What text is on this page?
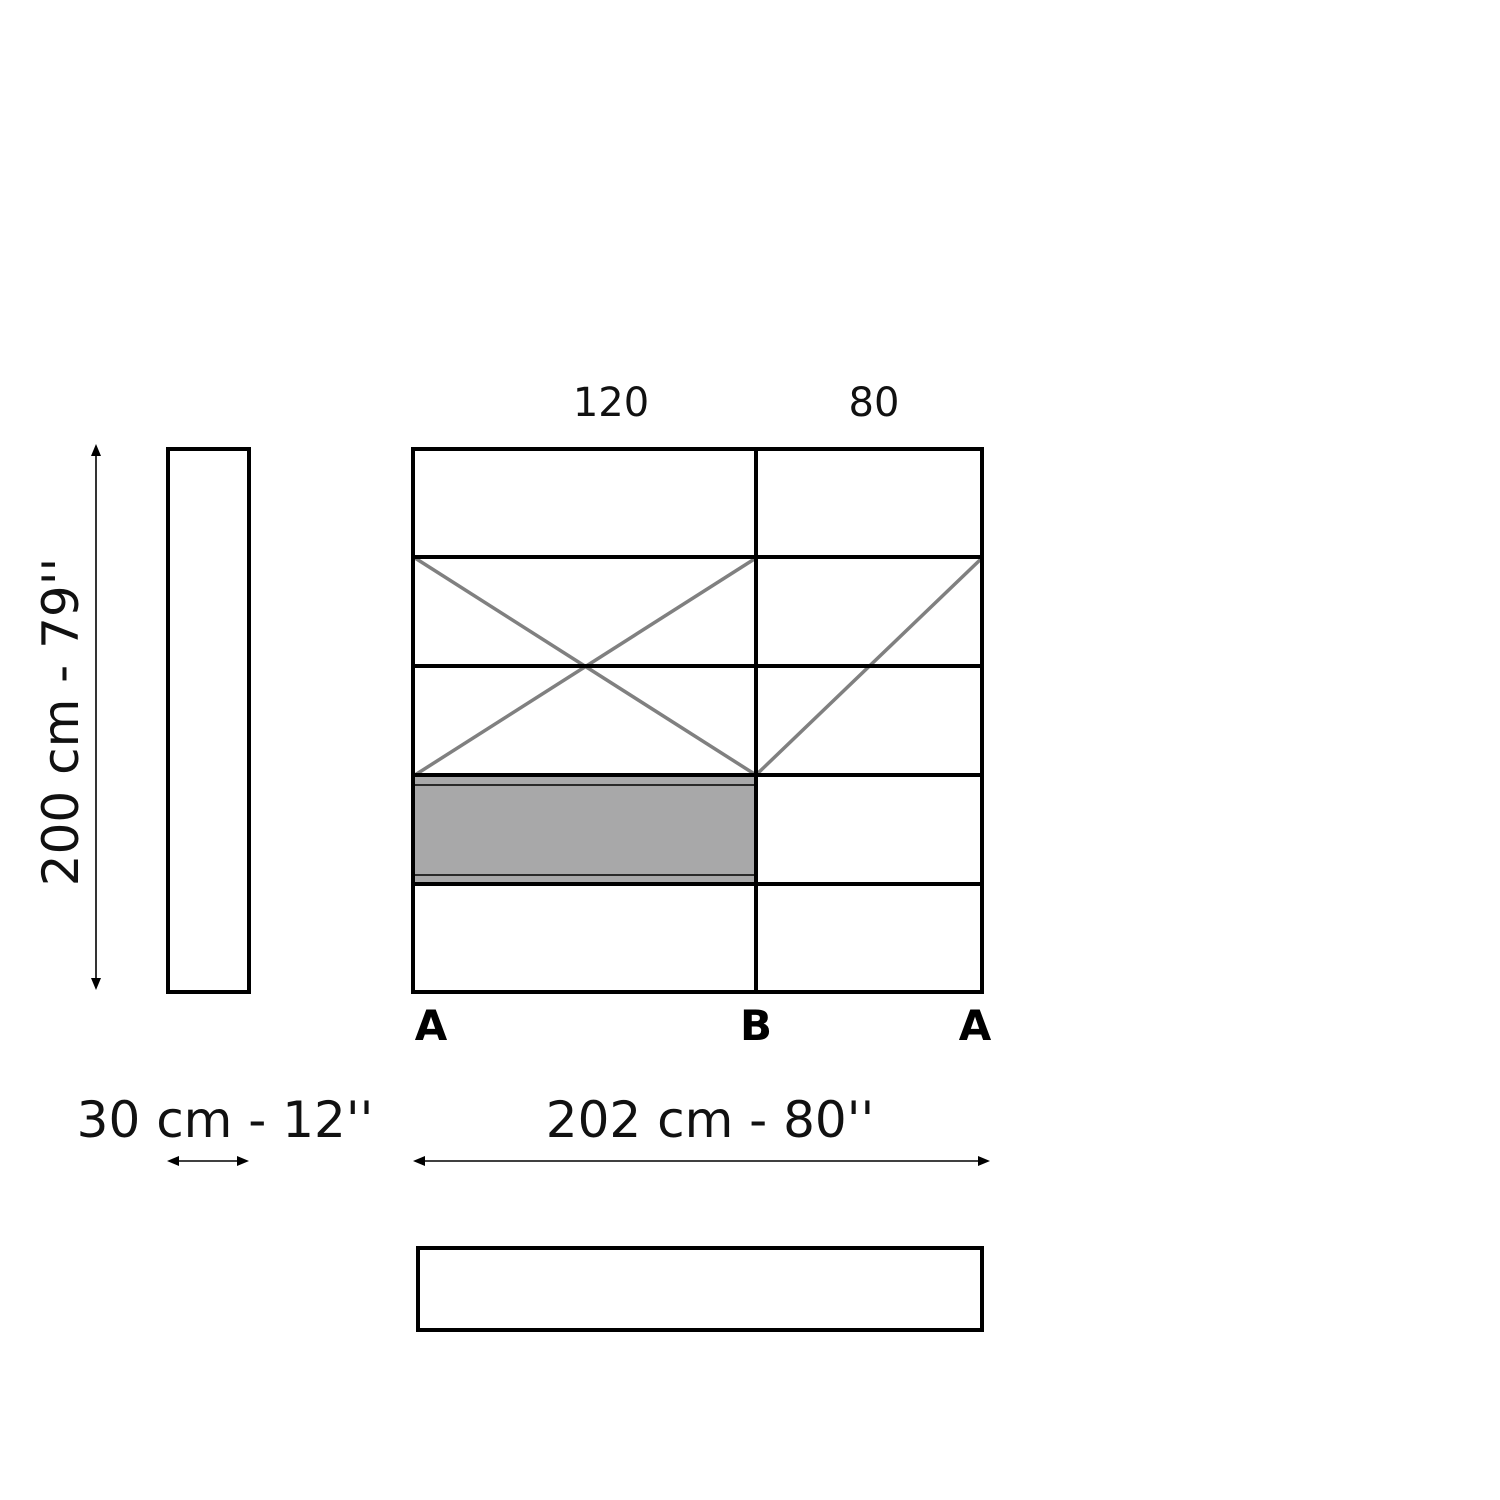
200 cm - 79''
120	80
A	B	A
30 cm - 12''	202 cm - 80''
